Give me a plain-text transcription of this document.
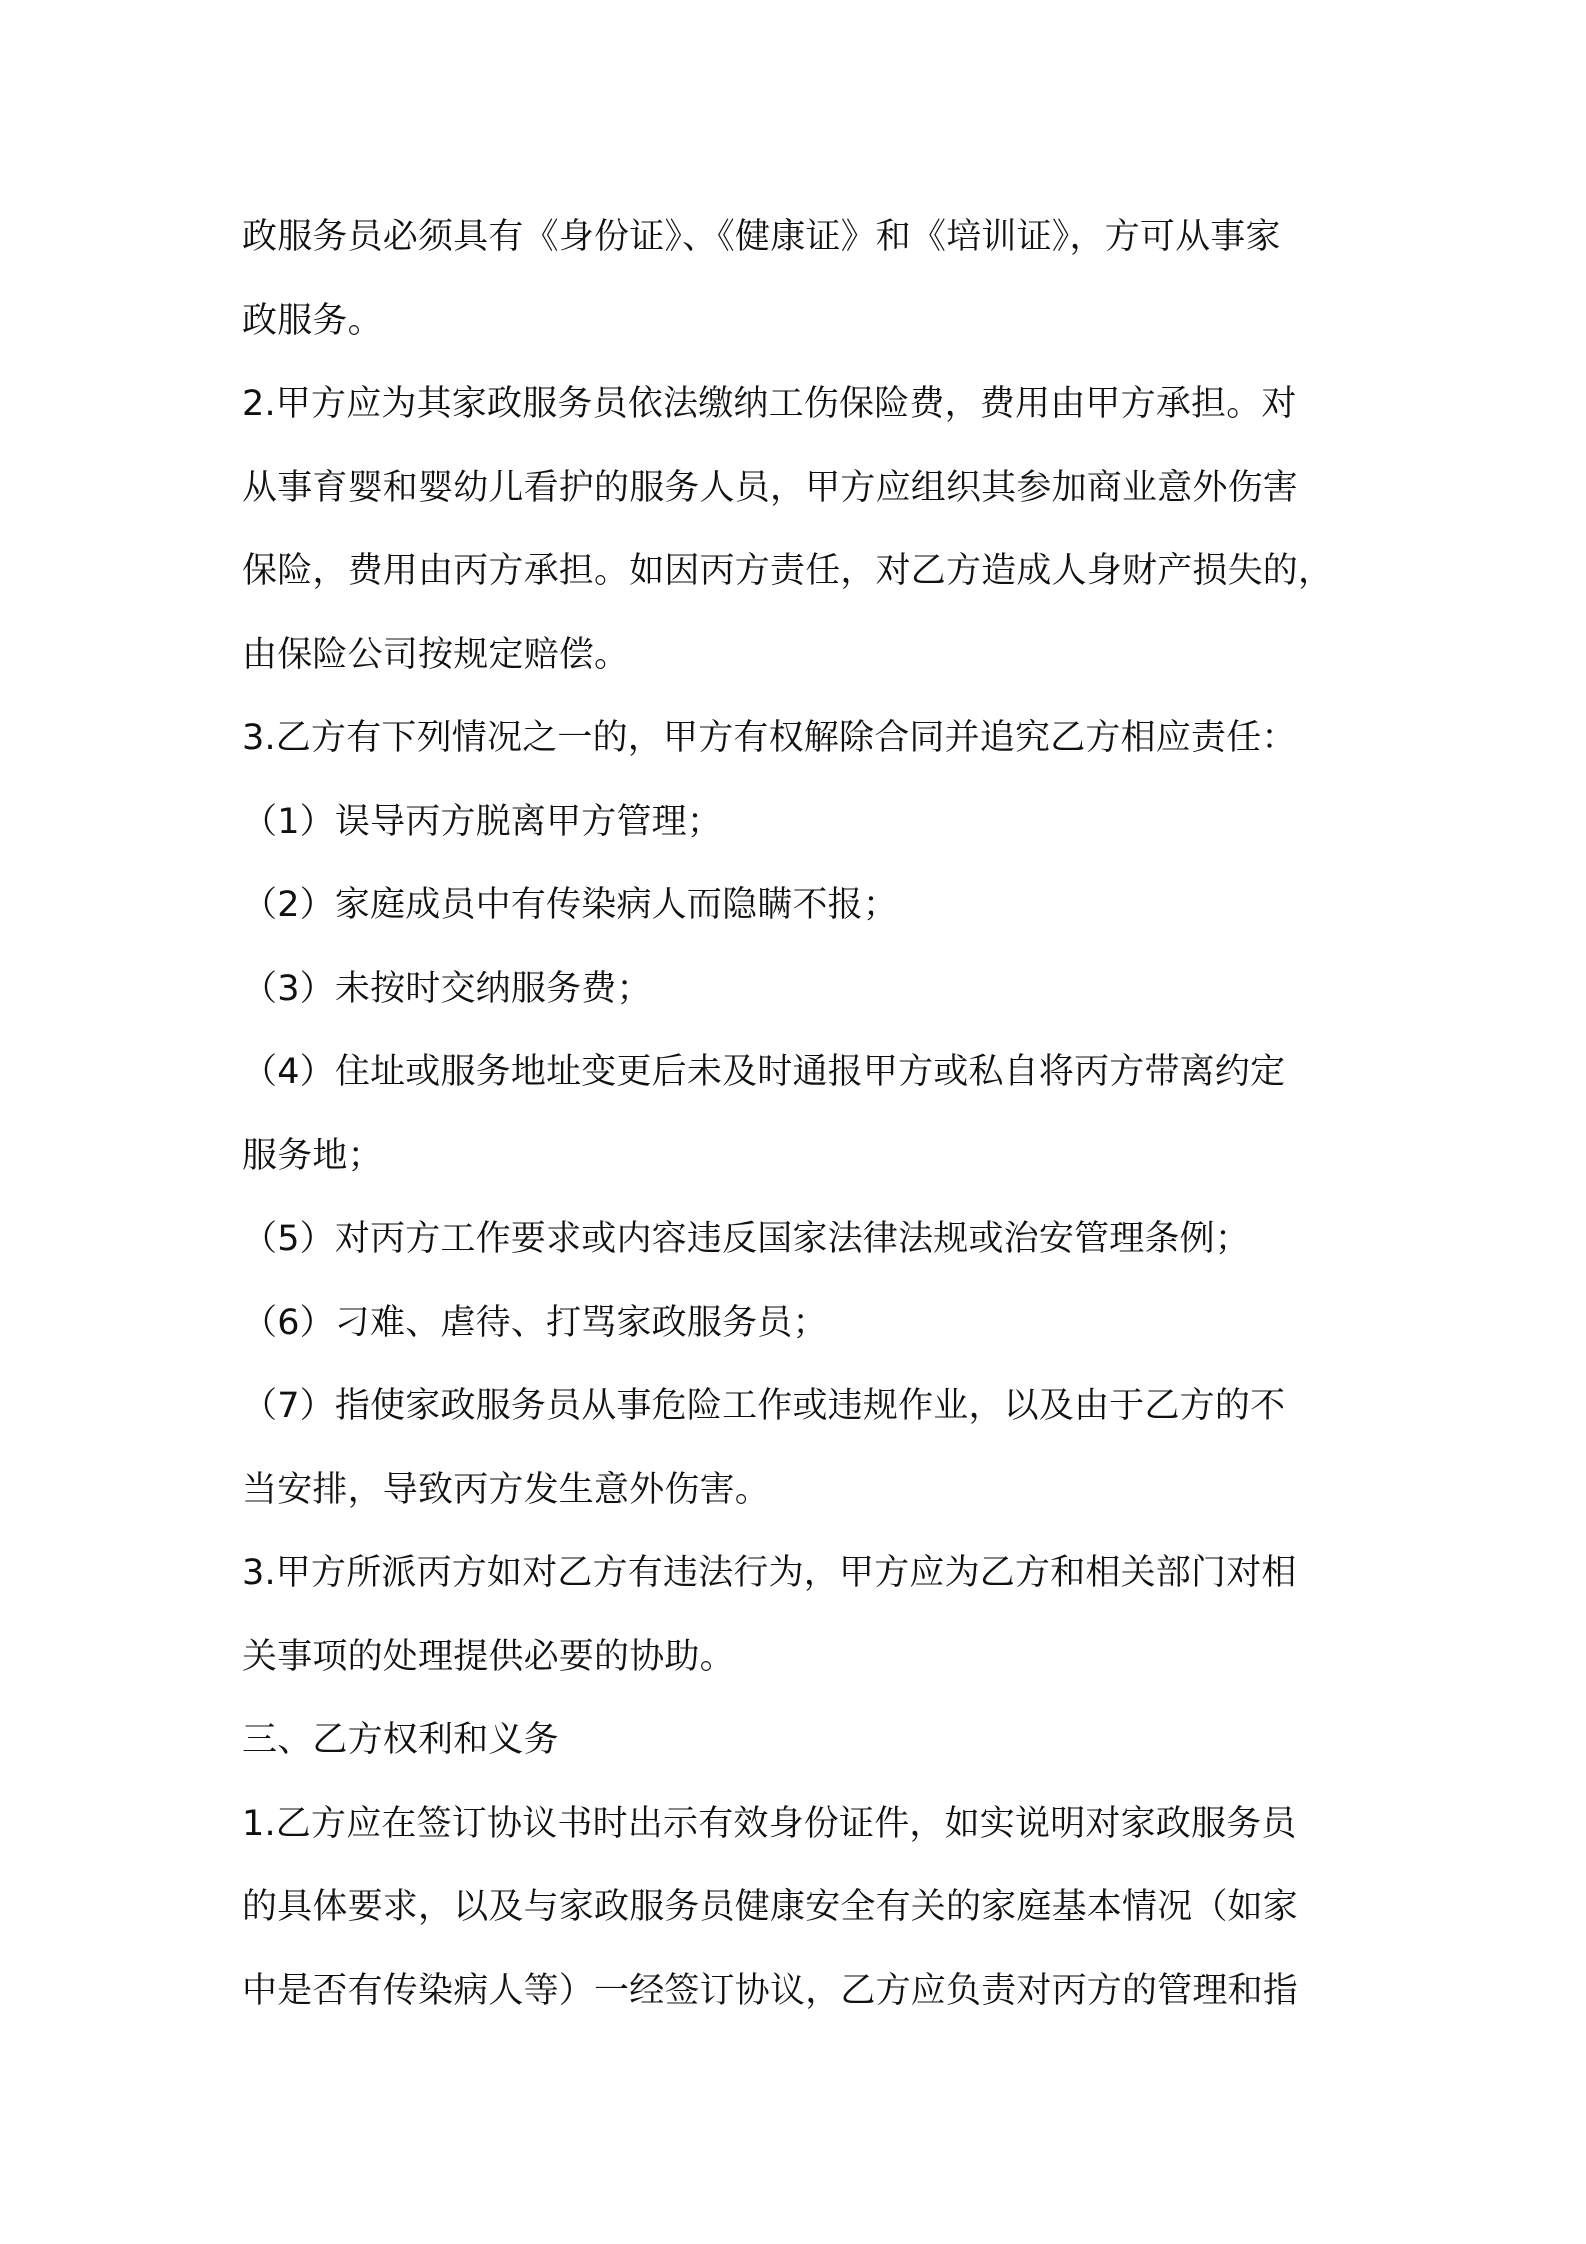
政服务员必须具有《身份证》、《健康证》和《培训证》，方可从事家
政服务。
2.甲方应为其家政服务员依法缴纳工伤保险费，费用由甲方承担。对
从事育婴和婴幼儿看护的服务人员，甲方应组织其参加商业意外伤害
保险，费用由丙方承担。如因丙方责任，对乙方造成人身财产损失的，
由保险公司按规定赔偿。
3.乙方有下列情况之一的，甲方有权解除合同并追究乙方相应责任：
（1）误导丙方脱离甲方管理；
（2）家庭成员中有传染病人而隐瞒不报；
（3）未按时交纳服务费；
（4）住址或服务地址变更后未及时通报甲方或私自将丙方带离约定
服务地；
（5）对丙方工作要求或内容违反国家法律法规或治安管理条例；
（6）刁难、虐待、打骂家政服务员；
（7）指使家政服务员从事危险工作或违规作业，以及由于乙方的不
当安排，导致丙方发生意外伤害。
3.甲方所派丙方如对乙方有违法行为，甲方应为乙方和相关部门对相
关事项的处理提供必要的协助。
三、乙方权利和义务
1.乙方应在签订协议书时出示有效身份证件，如实说明对家政服务员
的具体要求，以及与家政服务员健康安全有关的家庭基本情况（如家
中是否有传染病人等）一经签订协议，乙方应负责对丙方的管理和指
